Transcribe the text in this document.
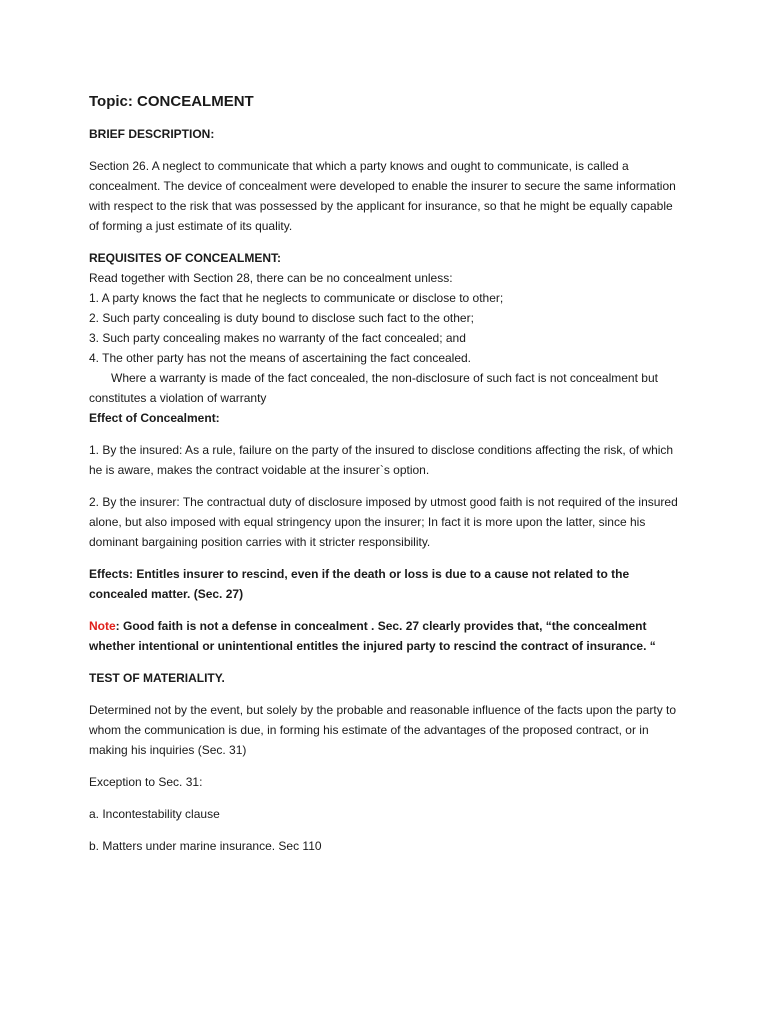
Topic: CONCEALMENT

BRIEF DESCRIPTION:

Section 26. A neglect to communicate that which a party knows and ought to communicate, is called a concealment. The device of concealment were developed to enable the insurer to secure the same information with respect to the risk that was possessed by the applicant for insurance, so that he might be equally capable of forming a just estimate of its quality.

REQUISITES OF CONCEALMENT:

Read together with Section 28, there can be no concealment unless:

1. A party knows the fact that he neglects to communicate or disclose to other;

2. Such party concealing is duty bound to disclose such fact to the other;

3. Such party concealing makes no warranty of the fact concealed; and

4. The other party has not the means of ascertaining the fact concealed.

Where a warranty is made of the fact concealed, the non-disclosure of such fact is not concealment but constitutes a violation of warranty

Effect of Concealment:

1. By the insured: As a rule, failure on the party of the insured to disclose conditions affecting the risk, of which he is aware, makes the contract voidable at the insurer`s option.

2. By the insurer: The contractual duty of disclosure imposed by utmost good faith is not required of the insured alone, but also imposed with equal stringency upon the insurer; In fact it is more upon the latter, since his dominant bargaining position carries with it stricter responsibility.

Effects: Entitles insurer to rescind, even if the death or loss is due to a cause not related to the concealed matter. (Sec. 27)

Note: Good faith is not a defense in concealment . Sec. 27 clearly provides that, “the concealment whether intentional or unintentional entitles the injured party to rescind the contract of insurance. “

TEST OF MATERIALITY.

Determined not by the event, but solely by the probable and reasonable influence of the facts upon the party to whom the communication is due, in forming his estimate of the advantages of the proposed contract, or in making his inquiries (Sec. 31)

Exception to Sec. 31:

a. Incontestability clause

b. Matters under marine insurance. Sec 110
